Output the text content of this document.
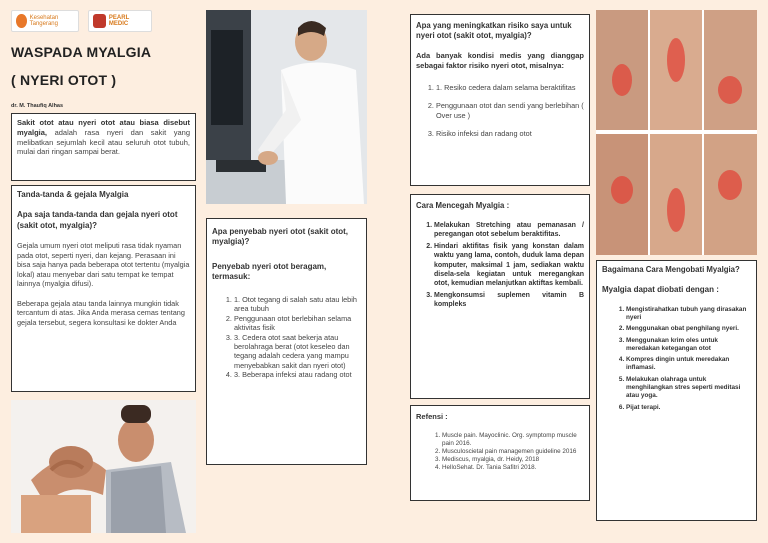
Kesehatan Tangerang
PEARL MEDIC
WASPADA MYALGIA
( NYERI OTOT )
dr. M. Thaufiq Alhas

Sakit otot atau nyeri otot atau biasa disebut myalgia, adalah rasa nyeri dan sakit yang melibatkan sejumlah kecil atau seluruh otot tubuh, mulai dari ringan sampai berat.

Tanda-tanda & gejala Myalgia

Apa saja tanda-tanda dan gejala nyeri otot (sakit otot, myalgia)?

Gejala umum nyeri otot meliputi rasa tidak nyaman pada otot, seperti nyeri, dan kejang. Perasaan ini bisa saja hanya pada beberapa otot tertentu (myalgia lokal) atau menyebar dari satu tempat ke tempat lainnya (myalgia difusi).

Beberapa gejala atau tanda lainnya mungkin tidak tercantum di atas. Jika Anda merasa cemas tentang gejala tersebut, segera konsultasi ke dokter Anda

Apa penyebab nyeri otot (sakit otot, myalgia)?

Penyebab nyeri otot beragam, termasuk:

1. 1. Otot tegang di salah satu atau lebih area tubuh
2. Penggunaan otot berlebihan selama aktivitas fisik
3. 3. Cedera otot saat bekerja atau berolahraga berat (otot keseleo dan tegang adalah cedera yang mampu menyebabkan sakit dan nyeri otot)
4. 3. Beberapa infeksi atau radang otot

Apa yang meningkatkan risiko saya untuk nyeri otot (sakit otot, myalgia)?

Ada banyak kondisi medis yang dianggap sebagai faktor risiko nyeri otot, misalnya:

1. 1. Resiko cedera dalam selama beraktifitas
2. Penggunaan otot dan sendi yang berlebihan ( Over use )
3. Risiko infeksi dan radang otot

Cara Mencegah Myalgia :

1. Melakukan Stretching atau pemanasan / peregangan otot sebelum beraktifitas.
2. Hindari aktifitas fisik yang konstan dalam waktu yang lama, contoh, duduk lama depan komputer, maksimal 1 jam, sediakan waktu disela-sela kegiatan untuk meregangkan otot, kemudian melanjutkan aktiftas kembali.
3. Mengkonsumsi suplemen vitamin B kompleks

Refensi :

1. Muscle pain. Mayoclinic. Org. symptomp muscle pain 2016.
2. Musculoscietal pain managemen guideline 2016
3. Mediscus, myalgia, dr. Heidy, 2018
4. HelloSehat. Dr. Tania Safitri 2018.

Bagaimana Cara Mengobati Myalgia?

Myalgia dapat diobati dengan :

1. Mengistirahatkan tubuh yang dirasakan nyeri
2. Menggunakan obat penghilang nyeri.
3. Menggunakan krim oles untuk meredakan ketegangan otot
4. Kompres dingin untuk meredakan inflamasi.
5. Melakukan olahraga untuk menghilangkan stres seperti meditasi atau yoga.
6. Pijat terapi.
